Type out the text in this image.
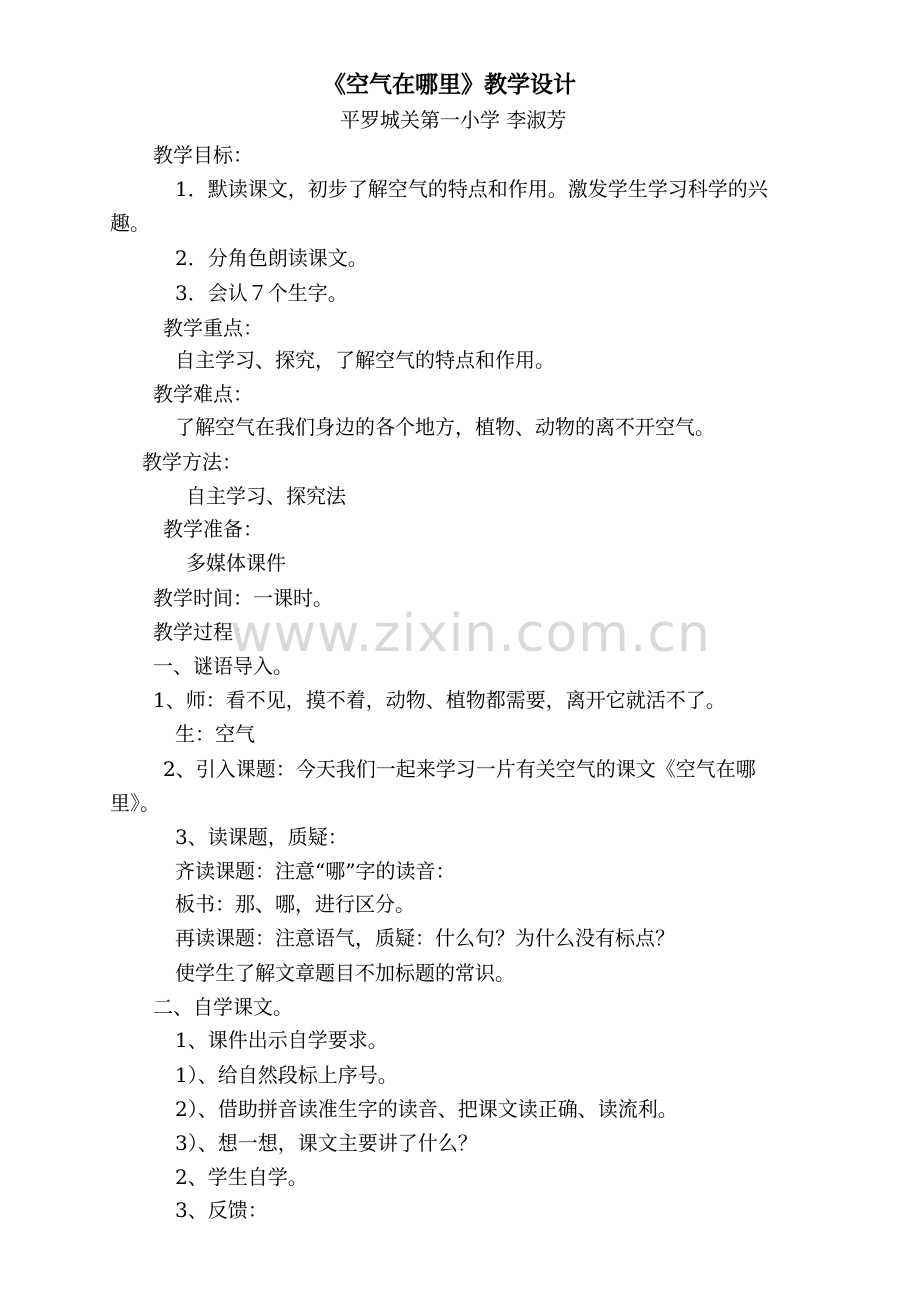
《空气在哪里》教学设计
平罗城关第一小学 李淑芳
教学目标：
1．默读课文，初步了解空气的特点和作用。激发学生学习科学的兴
趣。
2．分角色朗读课文。
3．会认７个生字。
教学重点：
自主学习、探究，了解空气的特点和作用。
教学难点：
了解空气在我们身边的各个地方，植物、动物的离不开空气。
教学方法：
自主学习、探究法
教学准备：
多媒体课件
教学时间：一课时。
教学过程：
一、谜语导入。
1、师：看不见，摸不着，动物、植物都需要，离开它就活不了。
生：空气
2、引入课题：今天我们一起来学习一片有关空气的课文《空气在哪
里》。
3、读课题，质疑：
齐读课题：注意“哪”字的读音：
板书：那、哪，进行区分。
再读课题：注意语气，质疑：什么句？为什么没有标点？
使学生了解文章题目不加标题的常识。
二、自学课文。
1、课件出示自学要求。
1）、给自然段标上序号。
2）、借助拼音读准生字的读音、把课文读正确、读流利。
3）、想一想，课文主要讲了什么？
2、学生自学。
3、反馈：
www.zixin.com.cn
